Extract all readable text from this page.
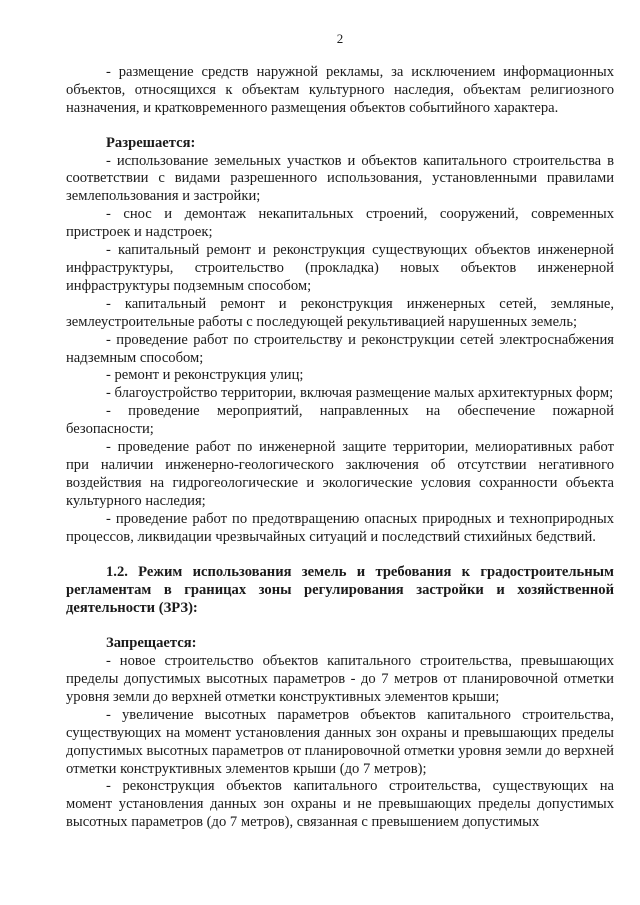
2

- размещение средств наружной рекламы, за исключением информационных объектов, относящихся к объектам культурного наследия, объектам религиозного назначения, и кратковременного размещения объектов событийного характера.

Разрешается:

- использование земельных участков и объектов капитального строительства в соответствии с видами разрешенного использования, установленными правилами землепользования и застройки;

- снос и демонтаж некапитальных строений, сооружений, современных пристроек и надстроек;

- капитальный ремонт и реконструкция существующих объектов инженерной инфраструктуры, строительство (прокладка) новых объектов инженерной инфраструктуры подземным способом;

- капитальный ремонт и реконструкция инженерных сетей, земляные, землеустроительные работы с последующей рекультивацией нарушенных земель;

- проведение работ по строительству и реконструкции сетей электроснабжения надземным способом;

- ремонт и реконструкция улиц;

- благоустройство территории, включая размещение малых архитектурных форм;

- проведение мероприятий, направленных на обеспечение пожарной безопасности;

- проведение работ по инженерной защите территории, мелиоративных работ при наличии инженерно-геологического заключения об отсутствии негативного воздействия на гидрогеологические и экологические условия сохранности объекта культурного наследия;

- проведение работ по предотвращению опасных природных и техноприродных процессов, ликвидации чрезвычайных ситуаций и последствий стихийных бедствий.

1.2. Режим использования земель и требования к градостроительным регламентам в границах зоны регулирования застройки и хозяйственной деятельности (ЗРЗ):

Запрещается:

- новое строительство объектов капитального строительства, превышающих пределы допустимых высотных параметров - до 7 метров от планировочной отметки уровня земли до верхней отметки конструктивных элементов крыши;

- увеличение высотных параметров объектов капитального строительства, существующих на момент установления данных зон охраны и превышающих пределы допустимых высотных параметров от планировочной отметки уровня земли до верхней отметки конструктивных элементов крыши (до 7 метров);

- реконструкция объектов капитального строительства, существующих на момент установления данных зон охраны и не превышающих пределы допустимых высотных параметров (до 7 метров), связанная с превышением допустимых
